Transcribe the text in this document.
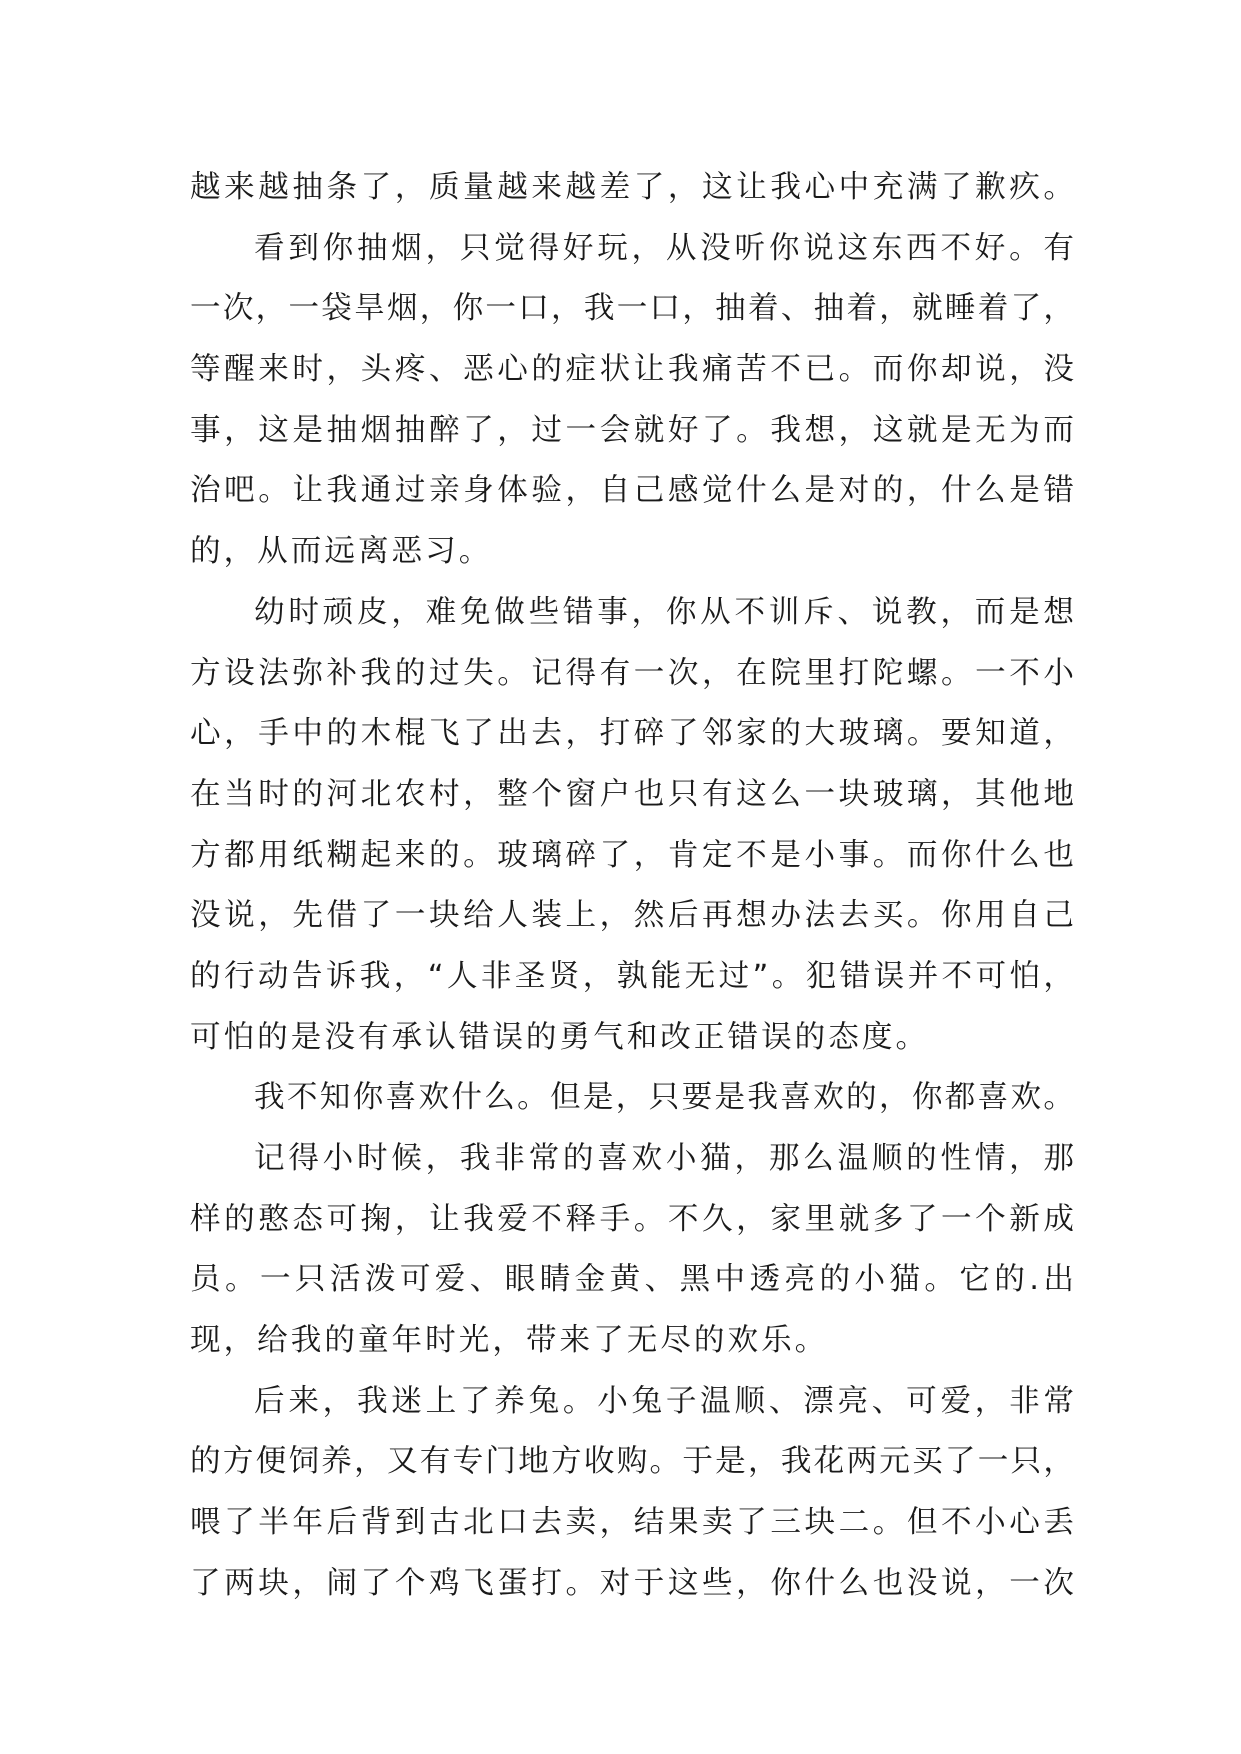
越来越抽条了，质量越来越差了，这让我心中充满了歉疚。
看到你抽烟，只觉得好玩，从没听你说这东西不好。有
一次，一袋旱烟，你一口，我一口，抽着、抽着，就睡着了，
等醒来时，头疼、恶心的症状让我痛苦不已。而你却说，没
事，这是抽烟抽醉了，过一会就好了。我想，这就是无为而
治吧。让我通过亲身体验，自己感觉什么是对的，什么是错
的，从而远离恶习。
幼时顽皮，难免做些错事，你从不训斥、说教，而是想
方设法弥补我的过失。记得有一次，在院里打陀螺。一不小
心，手中的木棍飞了出去，打碎了邻家的大玻璃。要知道，
在当时的河北农村，整个窗户也只有这么一块玻璃，其他地
方都用纸糊起来的。玻璃碎了，肯定不是小事。而你什么也
没说，先借了一块给人装上，然后再想办法去买。你用自己
的行动告诉我，“人非圣贤，孰能无过”。犯错误并不可怕，
可怕的是没有承认错误的勇气和改正错误的态度。
我不知你喜欢什么。但是，只要是我喜欢的，你都喜欢。
记得小时候，我非常的喜欢小猫，那么温顺的性情，那
样的憨态可掬，让我爱不释手。不久，家里就多了一个新成
员。一只活泼可爱、眼睛金黄、黑中透亮的小猫。它的.出
现，给我的童年时光，带来了无尽的欢乐。
后来，我迷上了养兔。小兔子温顺、漂亮、可爱，非常
的方便饲养，又有专门地方收购。于是，我花两元买了一只，
喂了半年后背到古北口去卖，结果卖了三块二。但不小心丢
了两块，闹了个鸡飞蛋打。对于这些，你什么也没说，一次
